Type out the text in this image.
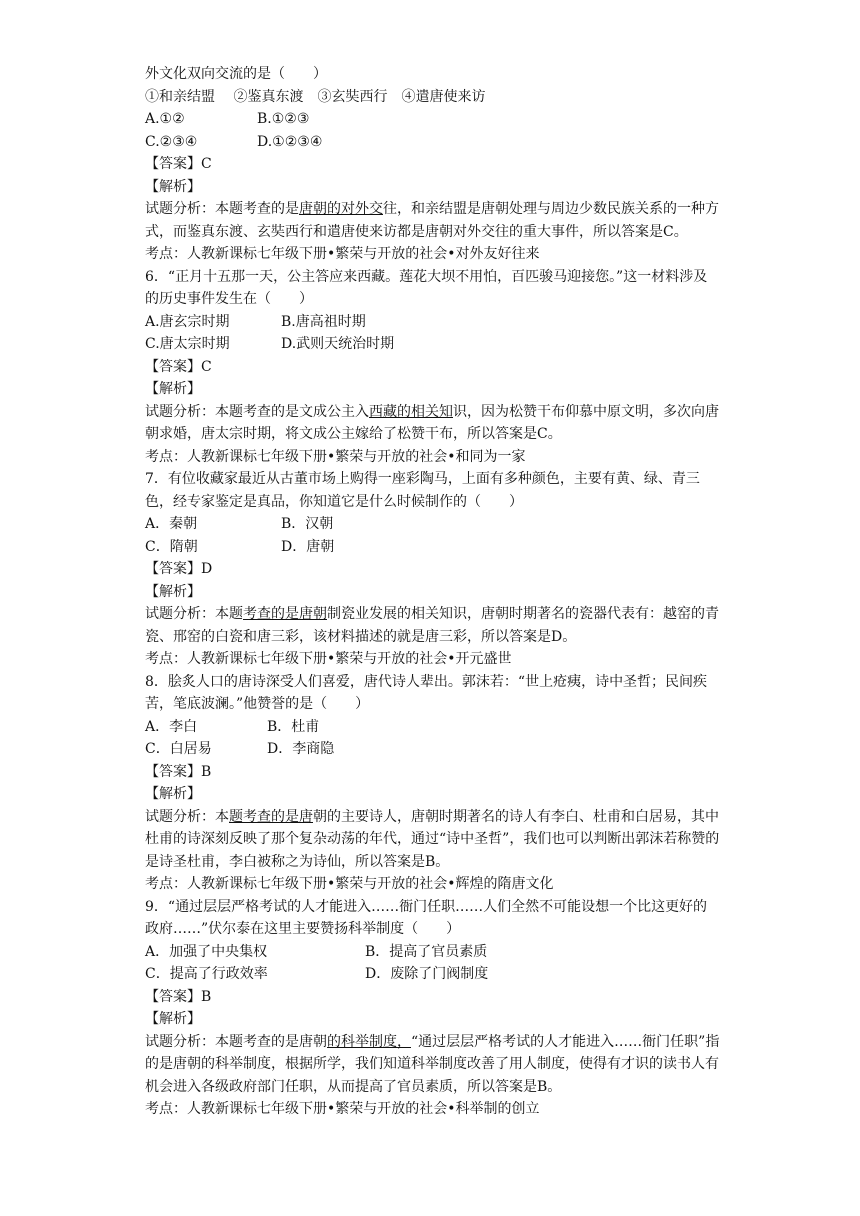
外文化双向交流的是（　　）
①和亲结盟　 ②鉴真东渡　③玄奘西行　④遣唐使来访
A.①②	B.①②③
C.②③④	D.①②③④
【答案】C
【解析】
试题分析：本题考查的是唐朝的对外交往，和亲结盟是唐朝处理与周边少数民族关系的一种方式，而鉴真东渡、玄奘西行和遣唐使来访都是唐朝对外交往的重大事件，所以答案是C。
考点：人教新课标七年级下册•繁荣与开放的社会•对外友好往来
6．“正月十五那一天，公主答应来西藏。莲花大坝不用怕，百匹骏马迎接您。”这一材料涉及的历史事件发生在（　　）
A.唐玄宗时期	B.唐高祖时期
C.唐太宗时期	D.武则天统治时期
【答案】C
【解析】
试题分析：本题考查的是文成公主入西藏的相关知识，因为松赞干布仰慕中原文明，多次向唐朝求婚，唐太宗时期，将文成公主嫁给了松赞干布，所以答案是C。
考点：人教新课标七年级下册•繁荣与开放的社会•和同为一家
7．有位收藏家最近从古董市场上购得一座彩陶马，上面有多种颜色，主要有黄、绿、青三色，经专家鉴定是真品，你知道它是什么时候制作的（　　）
A．秦朝	B．汉朝
C．隋朝	D．唐朝
【答案】D
【解析】
试题分析：本题考查的是唐朝制瓷业发展的相关知识，唐朝时期著名的瓷器代表有：越窑的青瓷、邢窑的白瓷和唐三彩，该材料描述的就是唐三彩，所以答案是D。
考点：人教新课标七年级下册•繁荣与开放的社会•开元盛世
8．脍炙人口的唐诗深受人们喜爱，唐代诗人辈出。郭沫若：“世上疮痍，诗中圣哲；民间疾苦，笔底波澜。”他赞誉的是（　　）
A．李白	B．杜甫
C．白居易	D．李商隐
【答案】B
【解析】
试题分析：本题考查的是唐朝的主要诗人，唐朝时期著名的诗人有李白、杜甫和白居易，其中杜甫的诗深刻反映了那个复杂动荡的年代，通过“诗中圣哲”，我们也可以判断出郭沫若称赞的是诗圣杜甫，李白被称之为诗仙，所以答案是B。
考点：人教新课标七年级下册•繁荣与开放的社会•辉煌的隋唐文化
9．“通过层层严格考试的人才能进入……衙门任职……人们全然不可能设想一个比这更好的政府……”伏尔泰在这里主要赞扬科举制度（　　）
A．加强了中央集权	B．提高了官员素质
C．提高了行政效率	D．废除了门阀制度
【答案】B
【解析】
试题分析：本题考查的是唐朝的科举制度，“通过层层严格考试的人才能进入……衙门任职”指的是唐朝的科举制度，根据所学，我们知道科举制度改善了用人制度，使得有才识的读书人有机会进入各级政府部门任职，从而提高了官员素质，所以答案是B。
考点：人教新课标七年级下册•繁荣与开放的社会•科举制的创立
